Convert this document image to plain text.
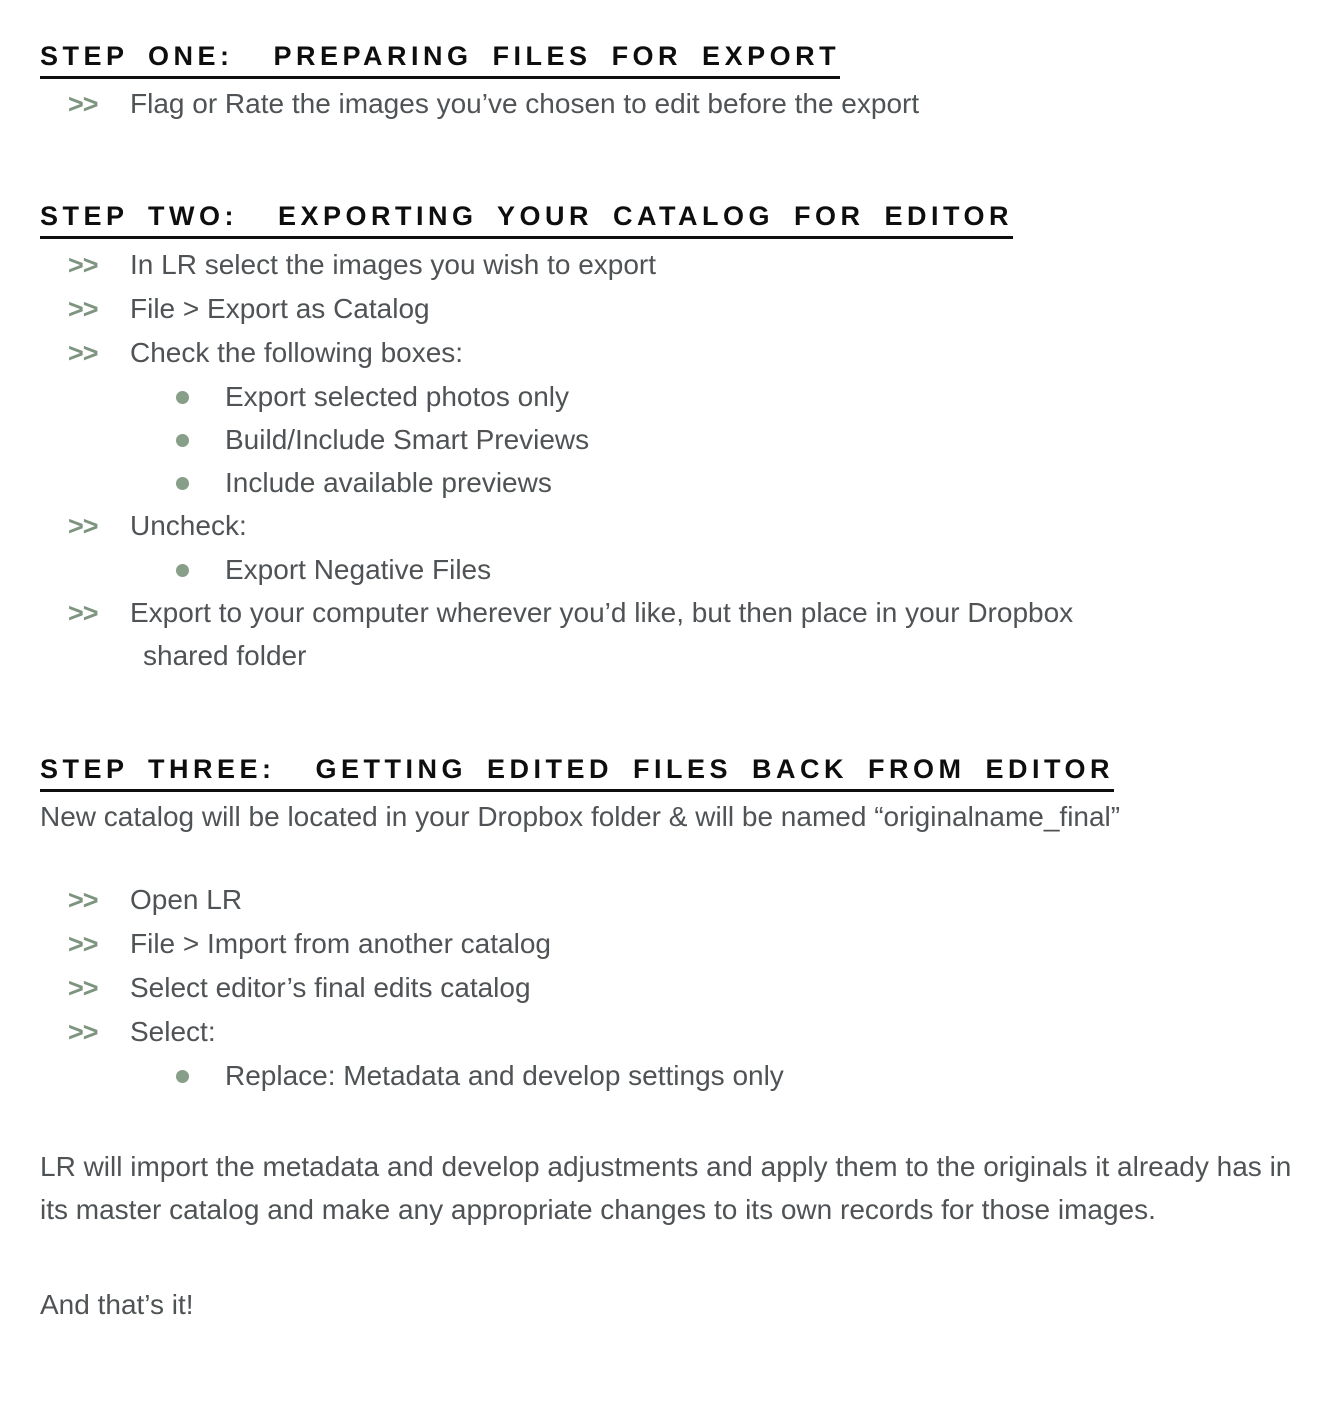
STEP ONE:  PREPARING FILES FOR EXPORT
>>	Flag or Rate the images you’ve chosen to edit before the export
STEP TWO:  EXPORTING YOUR CATALOG FOR EDITOR
>>	In LR select the images you wish to export
>>	File > Export as Catalog
>>	Check the following boxes:
Export selected photos only
Build/Include Smart Previews
Include available previews
>>	Uncheck:
Export Negative Files
>>	Export to your computer wherever you’d like, but then place in your Dropbox
shared folder
STEP THREE:  GETTING EDITED FILES BACK FROM EDITOR

New catalog will be located in your Dropbox folder & will be named “originalname_final”

>>	Open LR
>>	File > Import from another catalog
>>	Select editor’s final edits catalog
>>	Select:
Replace: Metadata and develop settings only

LR will import the metadata and develop adjustments and apply them to the originals it already has in its master catalog and make any appropriate changes to its own records for those images.

And that’s it!
